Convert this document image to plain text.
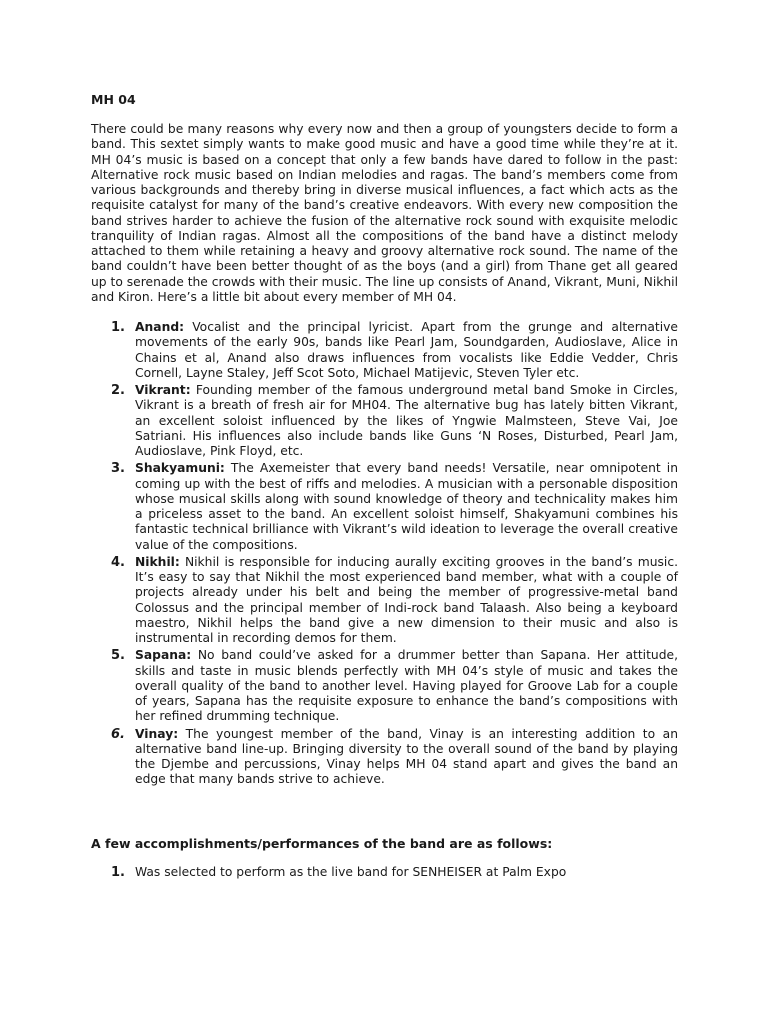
MH 04

There could be many reasons why every now and then a group of youngsters decide to form a band. This sextet simply wants to make good music and have a good time while they’re at it. MH 04’s music is based on a concept that only a few bands have dared to follow in the past: Alternative rock music based on Indian melodies and ragas. The band’s members come from various backgrounds and thereby bring in diverse musical influences, a fact which acts as the requisite catalyst for many of the band’s creative endeavors. With every new composition the band strives harder to achieve the fusion of the alternative rock sound with exquisite melodic tranquility of Indian ragas. Almost all the compositions of the band have a distinct melody attached to them while retaining a heavy and groovy alternative rock sound. The name of the band couldn’t have been better thought of as the boys (and a girl) from Thane get all geared up to serenade the crowds with their music. The line up consists of Anand, Vikrant, Muni, Nikhil and Kiron. Here’s a little bit about every member of MH 04.

1. Anand: Vocalist and the principal lyricist. Apart from the grunge and alternative movements of the early 90s, bands like Pearl Jam, Soundgarden, Audioslave, Alice in Chains et al, Anand also draws influences from vocalists like Eddie Vedder, Chris Cornell, Layne Staley, Jeff Scot Soto, Michael Matijevic, Steven Tyler etc.
2. Vikrant: Founding member of the famous underground metal band Smoke in Circles, Vikrant is a breath of fresh air for MH04. The alternative bug has lately bitten Vikrant, an excellent soloist influenced by the likes of Yngwie Malmsteen, Steve Vai, Joe Satriani. His influences also include bands like Guns ‘N Roses, Disturbed, Pearl Jam, Audioslave, Pink Floyd, etc.
3. Shakyamuni: The Axemeister that every band needs! Versatile, near omnipotent in coming up with the best of riffs and melodies. A musician with a personable disposition whose musical skills along with sound knowledge of theory and technicality makes him a priceless asset to the band. An excellent soloist himself, Shakyamuni combines his fantastic technical brilliance with Vikrant’s wild ideation to leverage the overall creative value of the compositions.
4. Nikhil: Nikhil is responsible for inducing aurally exciting grooves in the band’s music. It’s easy to say that Nikhil the most experienced band member, what with a couple of projects already under his belt and being the member of progressive-metal band Colossus and the principal member of Indi-rock band Talaash. Also being a keyboard maestro, Nikhil helps the band give a new dimension to their music and also is instrumental in recording demos for them.
5. Sapana: No band could’ve asked for a drummer better than Sapana. Her attitude, skills and taste in music blends perfectly with MH 04’s style of music and takes the overall quality of the band to another level. Having played for Groove Lab for a couple of years, Sapana has the requisite exposure to enhance the band’s compositions with her refined drumming technique.
6. Vinay: The youngest member of the band, Vinay is an interesting addition to an alternative band line-up. Bringing diversity to the overall sound of the band by playing the Djembe and percussions, Vinay helps MH 04 stand apart and gives the band an edge that many bands strive to achieve.
A few accomplishments/performances of the band are as follows:
1. Was selected to perform as the live band for SENHEISER at Palm Expo
